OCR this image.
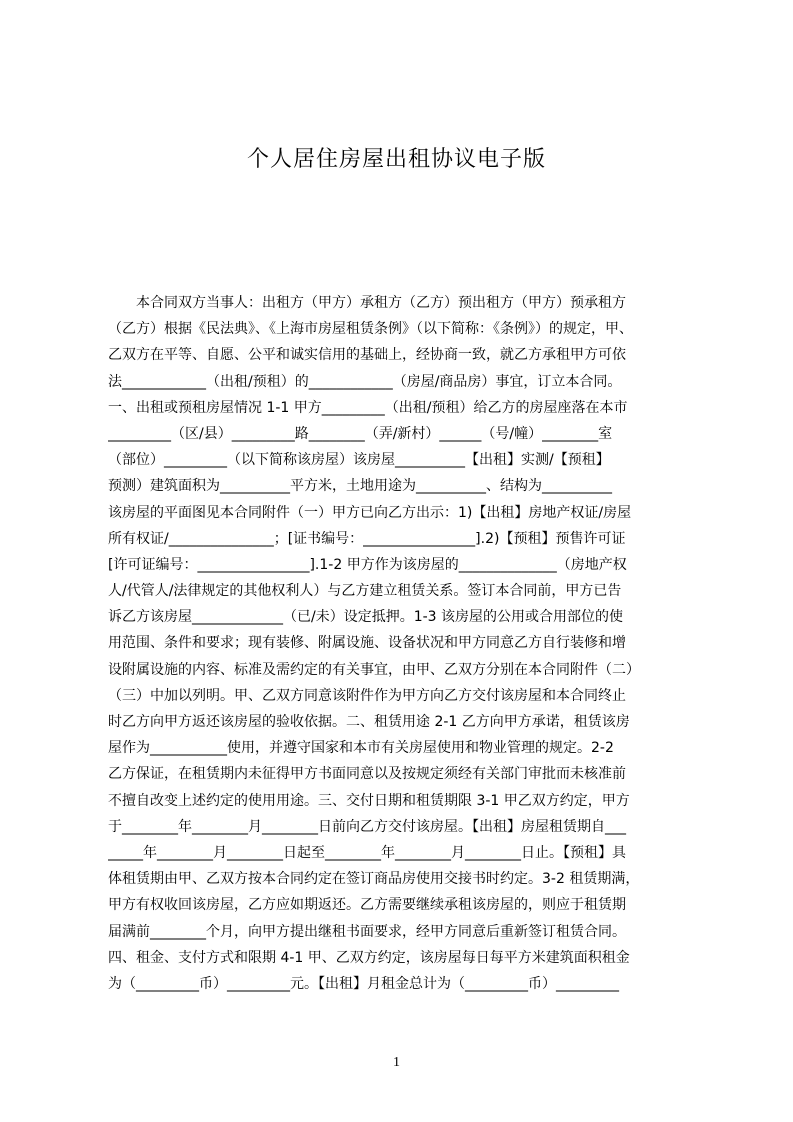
个人居住房屋出租协议电子版
本合同双方当事人：出租方（甲方）承租方（乙方）预出租方（甲方）预承租方
（乙方）根据《民法典》、《上海市房屋租赁条例》（以下简称：《条例》）的规定，甲、
乙双方在平等、自愿、公平和诚实信用的基础上，经协商一致，就乙方承租甲方可依
法____________（出租/预租）的____________（房屋/商品房）事宜，订立本合同。
一、出租或预租房屋情况 1-1 甲方_________（出租/预租）给乙方的房屋座落在本市
_________（区/县）_________路________（弄/新村）______（号/幢）________室
（部位）_________（以下简称该房屋）该房屋__________【出租】实测/【预租】
预测）建筑面积为__________平方米，土地用途为__________、结构为__________
该房屋的平面图见本合同附件（一）甲方已向乙方出示：1)【出租】房地产权证/房屋
所有权证/_______________；[证书编号：________________].2)【预租】预售许可证
[许可证编号：________________].1-2 甲方作为该房屋的______________（房地产权
人/代管人/法律规定的其他权利人）与乙方建立租赁关系。签订本合同前，甲方已告
诉乙方该房屋_____________（已/未）设定抵押。1-3 该房屋的公用或合用部位的使
用范围、条件和要求；现有装修、附属设施、设备状况和甲方同意乙方自行装修和增
设附属设施的内容、标准及需约定的有关事宜，由甲、乙双方分别在本合同附件（二）
（三）中加以列明。甲、乙双方同意该附件作为甲方向乙方交付该房屋和本合同终止
时乙方向甲方返还该房屋的验收依据。二、租赁用途 2-1 乙方向甲方承诺，租赁该房
屋作为___________使用，并遵守国家和本市有关房屋使用和物业管理的规定。2-2
乙方保证，在租赁期内未征得甲方书面同意以及按规定须经有关部门审批而未核准前
不擅自改变上述约定的使用用途。三、交付日期和租赁期限 3-1 甲乙双方约定，甲方
于________年________月________日前向乙方交付该房屋。【出租】房屋租赁期自___
_____年________月________日起至________年________月________日止。【预租】具
体租赁期由甲、乙双方按本合同约定在签订商品房使用交接书时约定。3-2 租赁期满，
甲方有权收回该房屋，乙方应如期返还。乙方需要继续承租该房屋的，则应于租赁期
届满前________个月，向甲方提出继租书面要求，经甲方同意后重新签订租赁合同。
四、租金、支付方式和限期 4-1 甲、乙双方约定，该房屋每日每平方米建筑面积租金
为（_________币）_________元。【出租】月租金总计为（_________币）_________
1
